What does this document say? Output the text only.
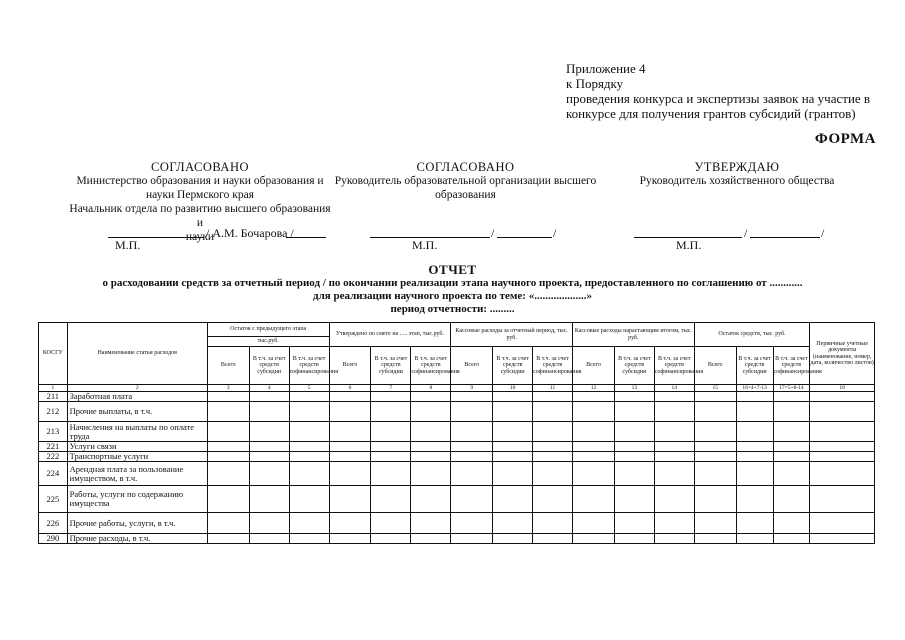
Приложение 4
к Порядку
проведения конкурса и экспертизы заявок на участие в
конкурсе для получения грантов субсидий (грантов)
ФОРМА
СОГЛАСОВАНО
Министерство образования и науки образования и
науки Пермского края
Начальник отдела по развитию высшего образования и
науки
/ А.М. Бочарова /
М.П.
СОГЛАСОВАНО
Руководитель образовательной организации высшего
образования
/	/
М.П.
УТВЕРЖДАЮ
Руководитель хозяйственного общества
/	/
М.П.
ОТЧЕТ
о расходовании средств за отчетный период / по окончании реализации этапа научного проекта, предоставленного по соглашению от ............
для реализации научного проекта по теме: «...................»
период отчетности: .........
КОСГУ	Наименование статьи расходов	Остаток с предыдущего этапа			Утверждено по смете на ..... этап, тыс.руб.			Кассовые расходы за отчетный период, тыс. руб.			Кассовые расходы нарастающим итогом, тыс. руб.			Остаток средств, тыс. руб.			Первичные учетные документы (наименование, номер, дата, количество листов)
		тыс.руб.															
		Всего	В т.ч. за счет средств субсидии	В т.ч. за счет средств софинансирования	Всего	В т.ч. за счет средств субсидии	В т.ч. за счет средств софинансирования	Всего	В т.ч. за счет средств субсидии	В т.ч. за счет средств софинансирования	Всего	В т.ч. за счет средств субсидии	В т.ч. за счет средств софинансирования	Всего	В т.ч. за счет средств субсидии	В т.ч. за счет средств софинансирования	
1	2	3	4	5	6	7	8	9	10	11	12	13	14	15	16=4+7-13	17=5+8-14	18
211	Заработная плата																
212	Прочие выплаты, в т.ч.																
213	Начисления на выплаты по оплате труда																
221	Услуги связи																
222	Транспортные услуги																
224	Арендная плата за пользование имуществом, в т.ч.																
225	Работы, услуги по содержанию имущества																
226	Прочие работы, услуги, в т.ч.																
290	Прочие расходы, в т.ч.																
